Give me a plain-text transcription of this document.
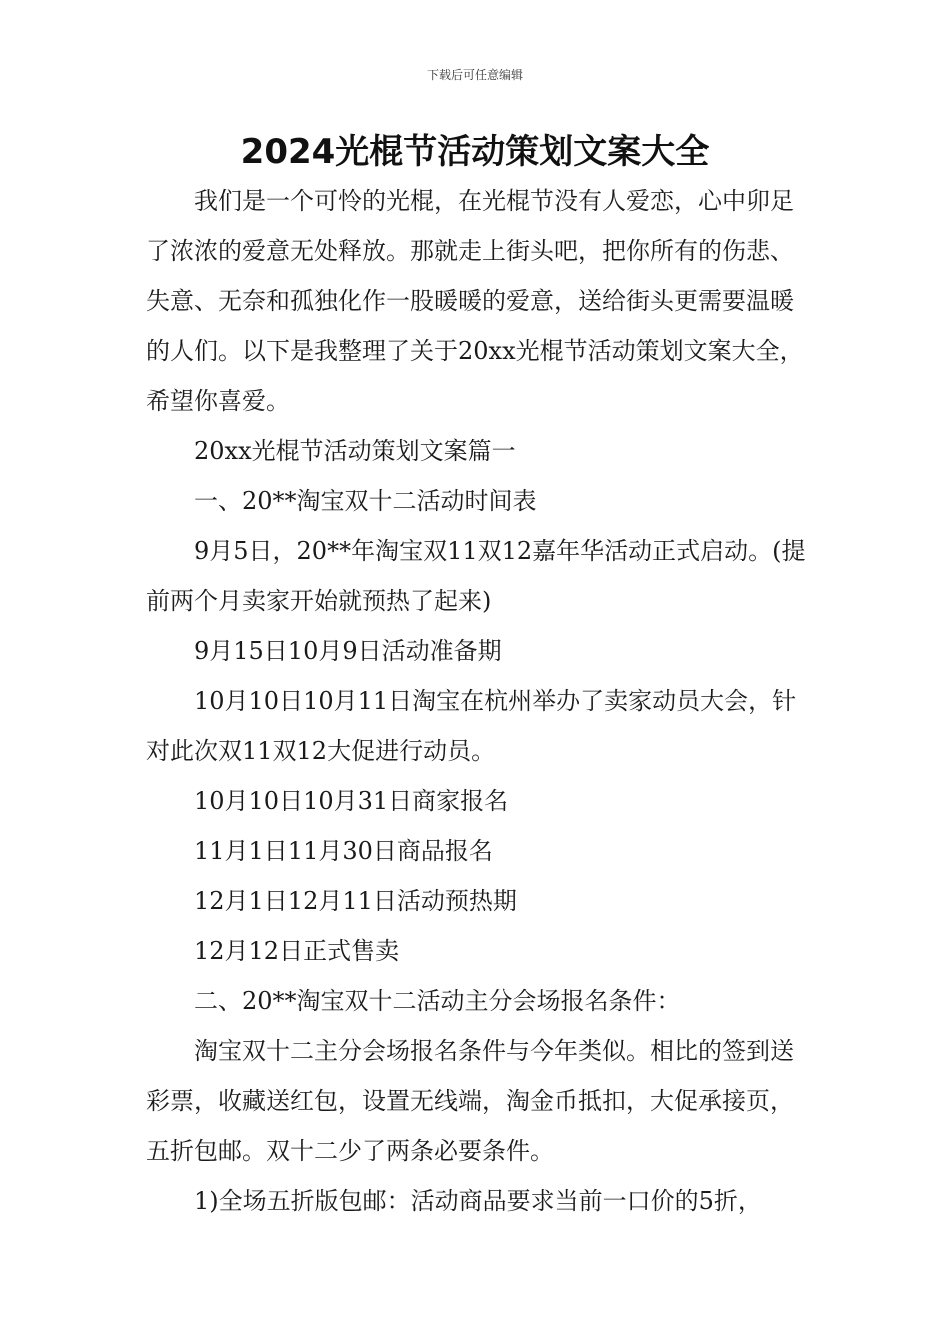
下载后可任意编辑
2024光棍节活动策划文案大全

我们是一个可怜的光棍，在光棍节没有人爱恋，心中卯足了浓浓的爱意无处释放。那就走上街头吧，把你所有的伤悲、失意、无奈和孤独化作一股暖暖的爱意，送给街头更需要温暖的人们。以下是我整理了关于20xx光棍节活动策划文案大全，希望你喜爱。

20xx光棍节活动策划文案篇一

一、20**淘宝双十二活动时间表

9月5日，20**年淘宝双11双12嘉年华活动正式启动。(提前两个月卖家开始就预热了起来)

9月15日10月9日活动准备期

10月10日10月11日淘宝在杭州举办了卖家动员大会，针对此次双11双12大促进行动员。

10月10日10月31日商家报名

11月1日11月30日商品报名

12月1日12月11日活动预热期

12月12日正式售卖

二、20**淘宝双十二活动主分会场报名条件：

淘宝双十二主分会场报名条件与今年类似。相比的签到送彩票，收藏送红包，设置无线端，淘金币抵扣，大促承接页，五折包邮。双十二少了两条必要条件。

1)全场五折版包邮：活动商品要求当前一口价的5折，
